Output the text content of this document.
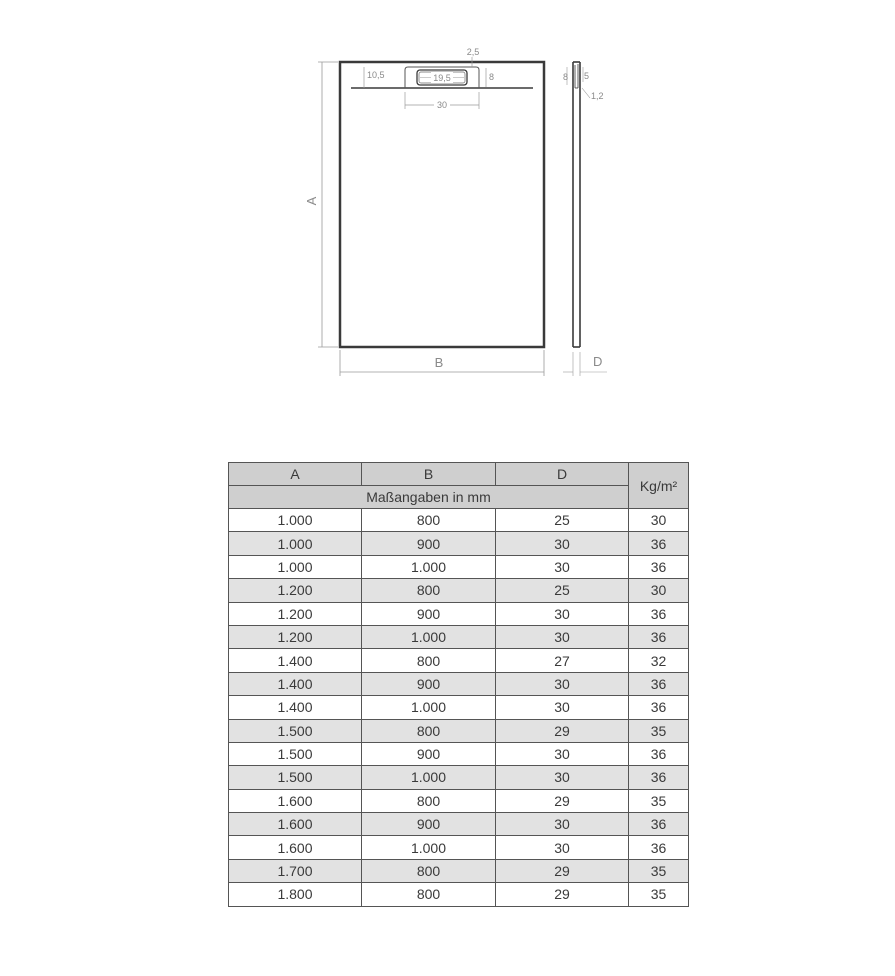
A
B
10,5	19,5
30
8
2,5
8 5
1,2
D
A	B	D	Kg/m²
Maßangaben in mm			
1.000	800	25	30
1.000	900	30	36
1.000	1.000	30	36
1.200	800	25	30
1.200	900	30	36
1.200	1.000	30	36
1.400	800	27	32
1.400	900	30	36
1.400	1.000	30	36
1.500	800	29	35
1.500	900	30	36
1.500	1.000	30	36
1.600	800	29	35
1.600	900	30	36
1.600	1.000	30	36
1.700	800	29	35
1.800	800	29	35
